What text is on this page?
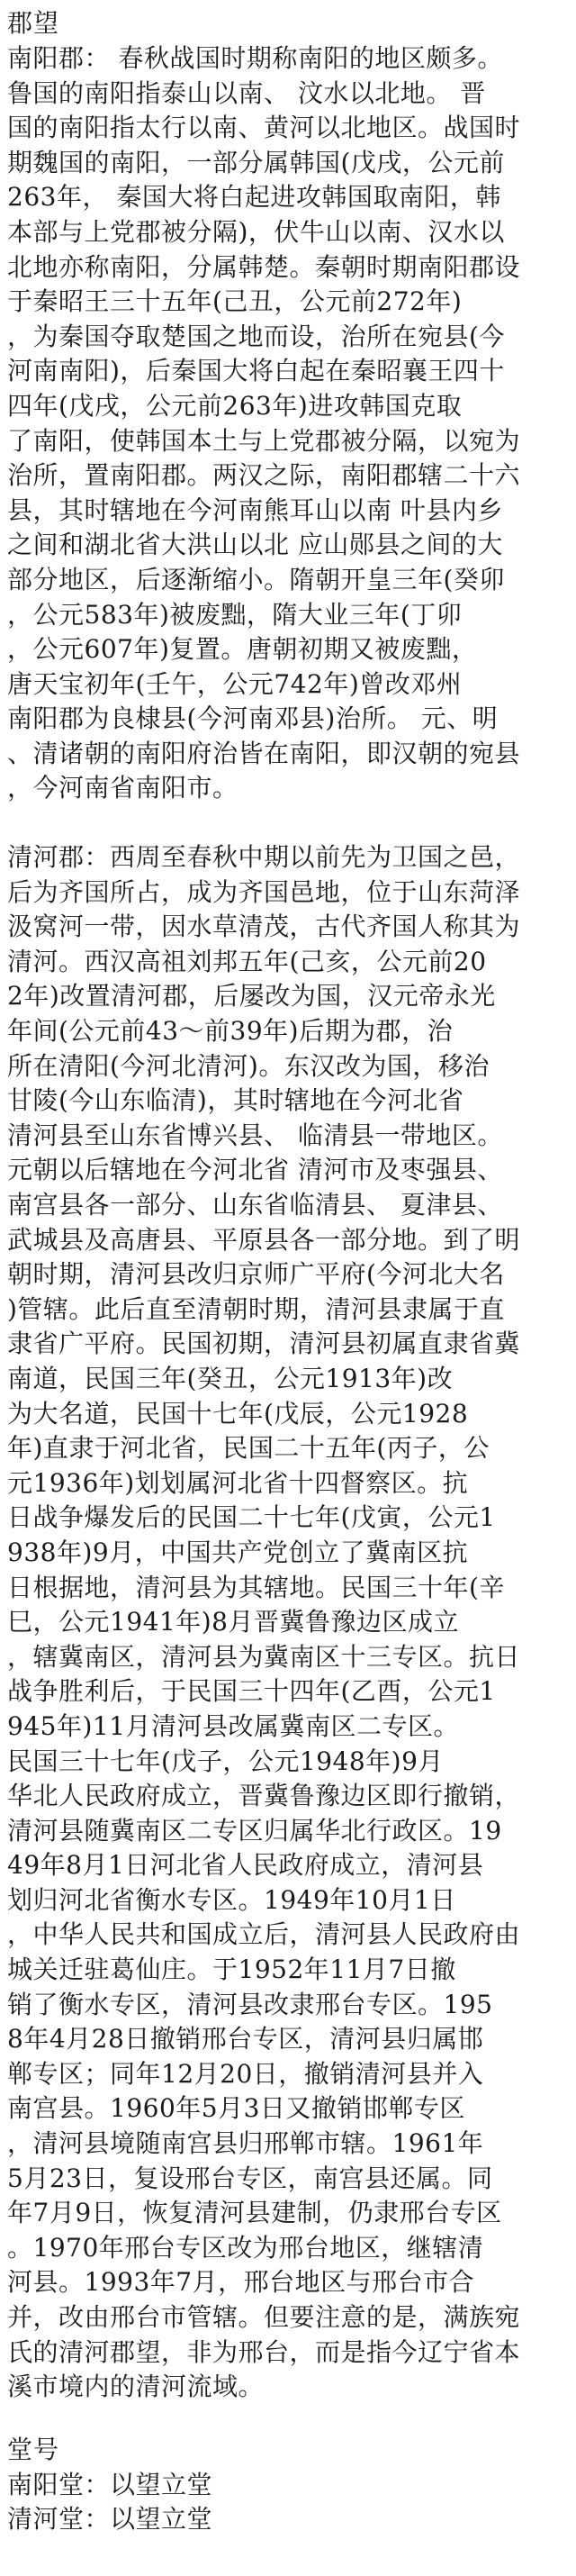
郡望
南阳郡： 春秋战国时期称南阳的地区颇多。
鲁国的南阳指泰山以南、 汶水以北地。 晋
国的南阳指太行以南、黄河以北地区。战国时
期魏国的南阳，一部分属韩国(戊戌，公元前
263年， 秦国大将白起进攻韩国取南阳，韩
本部与上党郡被分隔)，伏牛山以南、汉水以
北地亦称南阳，分属韩楚。秦朝时期南阳郡设
于秦昭王三十五年(己丑，公元前272年)
，为秦国夺取楚国之地而设，治所在宛县(今
河南南阳)，后秦国大将白起在秦昭襄王四十
四年(戊戌，公元前263年)进攻韩国克取
了南阳，使韩国本土与上党郡被分隔，以宛为
治所，置南阳郡。两汉之际，南阳郡辖二十六
县，其时辖地在今河南熊耳山以南 叶县内乡
之间和湖北省大洪山以北 应山郧县之间的大
部分地区，后逐渐缩小。隋朝开皇三年(癸卯
，公元583年)被废黜，隋大业三年(丁卯
，公元607年)复置。唐朝初期又被废黜，
唐天宝初年(壬午，公元742年)曾改邓州
南阳郡为良棣县(今河南邓县)治所。 元、明
、清诸朝的南阳府治皆在南阳，即汉朝的宛县
，今河南省南阳市。
清河郡：西周至春秋中期以前先为卫国之邑，
后为齐国所占，成为齐国邑地，位于山东菏泽
汲窝河一带，因水草清茂，古代齐国人称其为
清河。西汉高祖刘邦五年(己亥，公元前20
2年)改置清河郡，后屡改为国，汉元帝永光
年间(公元前43～前39年)后期为郡，治
所在清阳(今河北清河)。东汉改为国，移治
甘陵(今山东临清)，其时辖地在今河北省
清河县至山东省博兴县、 临清县一带地区。
元朝以后辖地在今河北省 清河市及枣强县、
南宫县各一部分、山东省临清县、 夏津县、
武城县及高唐县、平原县各一部分地。到了明
朝时期，清河县改归京师广平府(今河北大名
)管辖。此后直至清朝时期，清河县隶属于直
隶省广平府。民国初期，清河县初属直隶省冀
南道，民国三年(癸丑，公元1913年)改
为大名道，民国十七年(戊辰，公元1928
年)直隶于河北省，民国二十五年(丙子，公
元1936年)划划属河北省十四督察区。抗
日战争爆发后的民国二十七年(戊寅，公元1
938年)9月，中国共产党创立了冀南区抗
日根据地，清河县为其辖地。民国三十年(辛
巳，公元1941年)8月晋冀鲁豫边区成立
，辖冀南区，清河县为冀南区十三专区。抗日
战争胜利后，于民国三十四年(乙酉，公元1
945年)11月清河县改属冀南区二专区。
民国三十七年(戊子，公元1948年)9月
华北人民政府成立，晋冀鲁豫边区即行撤销，
清河县随冀南区二专区归属华北行政区。19
49年8月1日河北省人民政府成立，清河县
划归河北省衡水专区。1949年10月1日
，中华人民共和国成立后，清河县人民政府由
城关迁驻葛仙庄。于1952年11月7日撤
销了衡水专区，清河县改隶邢台专区。195
8年4月28日撤销邢台专区，清河县归属邯
郸专区；同年12月20日，撤销清河县并入
南宫县。1960年5月3日又撤销邯郸专区
，清河县境随南宫县归邢郸市辖。1961年
5月23日，复设邢台专区，南宫县还属。同
年7月9日，恢复清河县建制，仍隶邢台专区
。1970年邢台专区改为邢台地区，继辖清
河县。1993年7月，邢台地区与邢台市合
并，改由邢台市管辖。但要注意的是，满族宛
氏的清河郡望，非为邢台，而是指今辽宁省本
溪市境内的清河流域。
堂号
南阳堂：以望立堂
清河堂：以望立堂
